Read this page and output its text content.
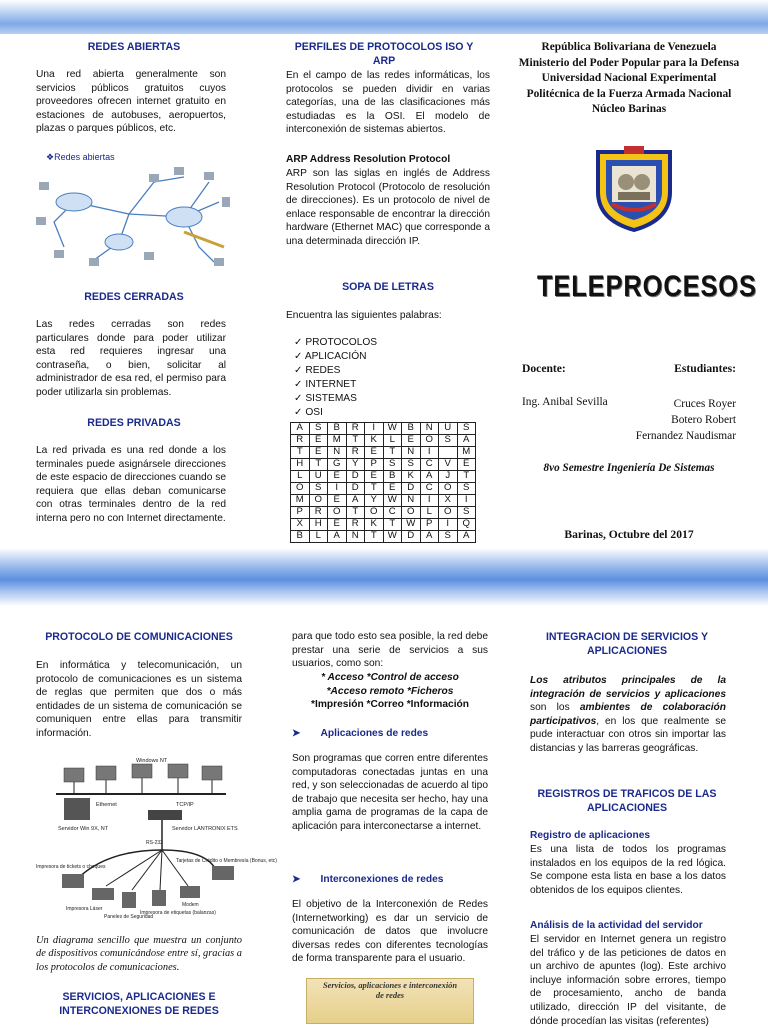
REDES ABIERTAS
Una red abierta generalmente son servicios públicos gratuitos cuyos proveedores ofrecen internet gratuito en estaciones de autobuses, aeropuertos, plazas o parques públicos, etc.
❖Redes abiertas
REDES CERRADAS
Las redes cerradas son redes particulares donde para poder utilizar esta red requieres ingresar una contraseña, o bien, solicitar al administrador de esa red, el permiso para poder utilizarla sin problemas.
REDES PRIVADAS
La red privada es una red donde a los terminales puede asignársele direcciones de este espacio de direcciones cuando se requiera que ellas deban comunicarse con otras terminales dentro de la red interna pero no con Internet directamente.
PERFILES DE PROTOCOLOS ISO Y ARP
En el campo de las redes informáticas, los protocolos se pueden dividir en varias categorías, una de las clasificaciones más estudiadas es la OSI. El modelo de interconexión de sistemas abiertos.
ARP Address Resolution Protocol
ARP son las siglas en inglés de Address Resolution Protocol (Protocolo de resolución de direcciones). Es un protocolo de nivel de enlace responsable de encontrar la dirección hardware (Ethernet MAC) que corresponde a una determinada dirección IP.
SOPA DE LETRAS
Encuentra las siguientes palabras:
✓ PROTOCOLOS
✓ APLICACIÓN
✓ REDES
✓ INTERNET
✓ SISTEMAS
✓ OSI
A	S	B	R	I	W	B	N	U	S
R	E	M	T	K	L	E	O	S	A
T	E	N	R	E	T	N	I		M
H	T	G	Y	P	S	S	C	V	E
L	U	E	D	E	B	K	A	J	T
O	S	I	D	T	E	D	C	O	S
M	O	E	A	Y	W	N	I	X	I
P	R	O	T	O	C	O	L	O	S
X	H	E	R	K	T	W	P	I	Q
B	L	A	N	T	W	D	A	S	A
República Bolivariana de Venezuela
Ministerio del Poder Popular para la Defensa
Universidad Nacional Experimental Politécnica de la Fuerza Armada Nacional
Núcleo Barinas
TELEPROCESOS
Docente:	Estudiantes:
Ing. Anibal Sevilla	Cruces Royer
Botero Robert
Fernandez Naudismar
8vo Semestre Ingeniería De Sistemas
Barinas, Octubre del 2017
PROTOCOLO DE COMUNICACIONES
En informática y telecomunicación, un protocolo de comunicaciones es un sistema de reglas que permiten que dos o más entidades de un sistema de comunicación se comuniquen entre ellas para transmitir información.
Windows NT
Ethernet	TCP/IP
Servidor Win 9X, NT	Servidor LANTRONIX ETS
Impresora de tickets o cheques
RS-232
Impresora Láser
Paneles de Seguridad
Impresora de etiquetas (balanzas)
Modem
Tarjetas de Crédito o Membresía (Bonus, etc)
Un diagrama sencillo que muestra un conjunto de dispositivos comunicándose entre sí, gracias a los protocolos de comunicaciones.
SERVICIOS, APLICACIONES E INTERCONEXIONES DE REDES
para que todo esto sea posible, la red debe prestar una serie de servicios a sus usuarios, como son:
* Acceso *Control de acceso
*Acceso remoto *Ficheros
*Impresión *Correo *Información
➤ Aplicaciones de redes
Son programas que corren entre diferentes computadoras conectadas juntas en una red, y son seleccionadas de acuerdo al tipo de trabajo que necesita ser hecho, hay una amplia gama de programas de la capa de aplicación para interconectarse a internet.
➤ Interconexiones de redes
El objetivo de la Interconexión de Redes (Internetworking) es dar un servicio de comunicación de datos que involucre diversas redes con diferentes tecnologías de forma transparente para el usuario.
Servicios, aplicaciones e interconexión de redes
INTEGRACION DE SERVICIOS Y APLICACIONES
Los atributos principales de la integración de servicios y aplicaciones son los ambientes de colaboración participativos, en los que realmente se pude interactuar con otros sin importar las distancias y las barreras geográficas.
REGISTROS DE TRAFICOS DE LAS APLICACIONES
Registro de aplicaciones
Es una lista de todos los programas instalados en los equipos de la red lógica. Se compone esta lista en base a los datos obtenidos de los equipos clientes.
Análisis de la actividad del servidor
El servidor en Internet genera un registro del tráfico y de las peticiones de datos en un archivo de apuntes (log). Este archivo incluye información sobre errores, tiempo de procesamiento, ancho de banda utilizado, dirección IP del visitante, de dónde procedían las visitas (referentes)
